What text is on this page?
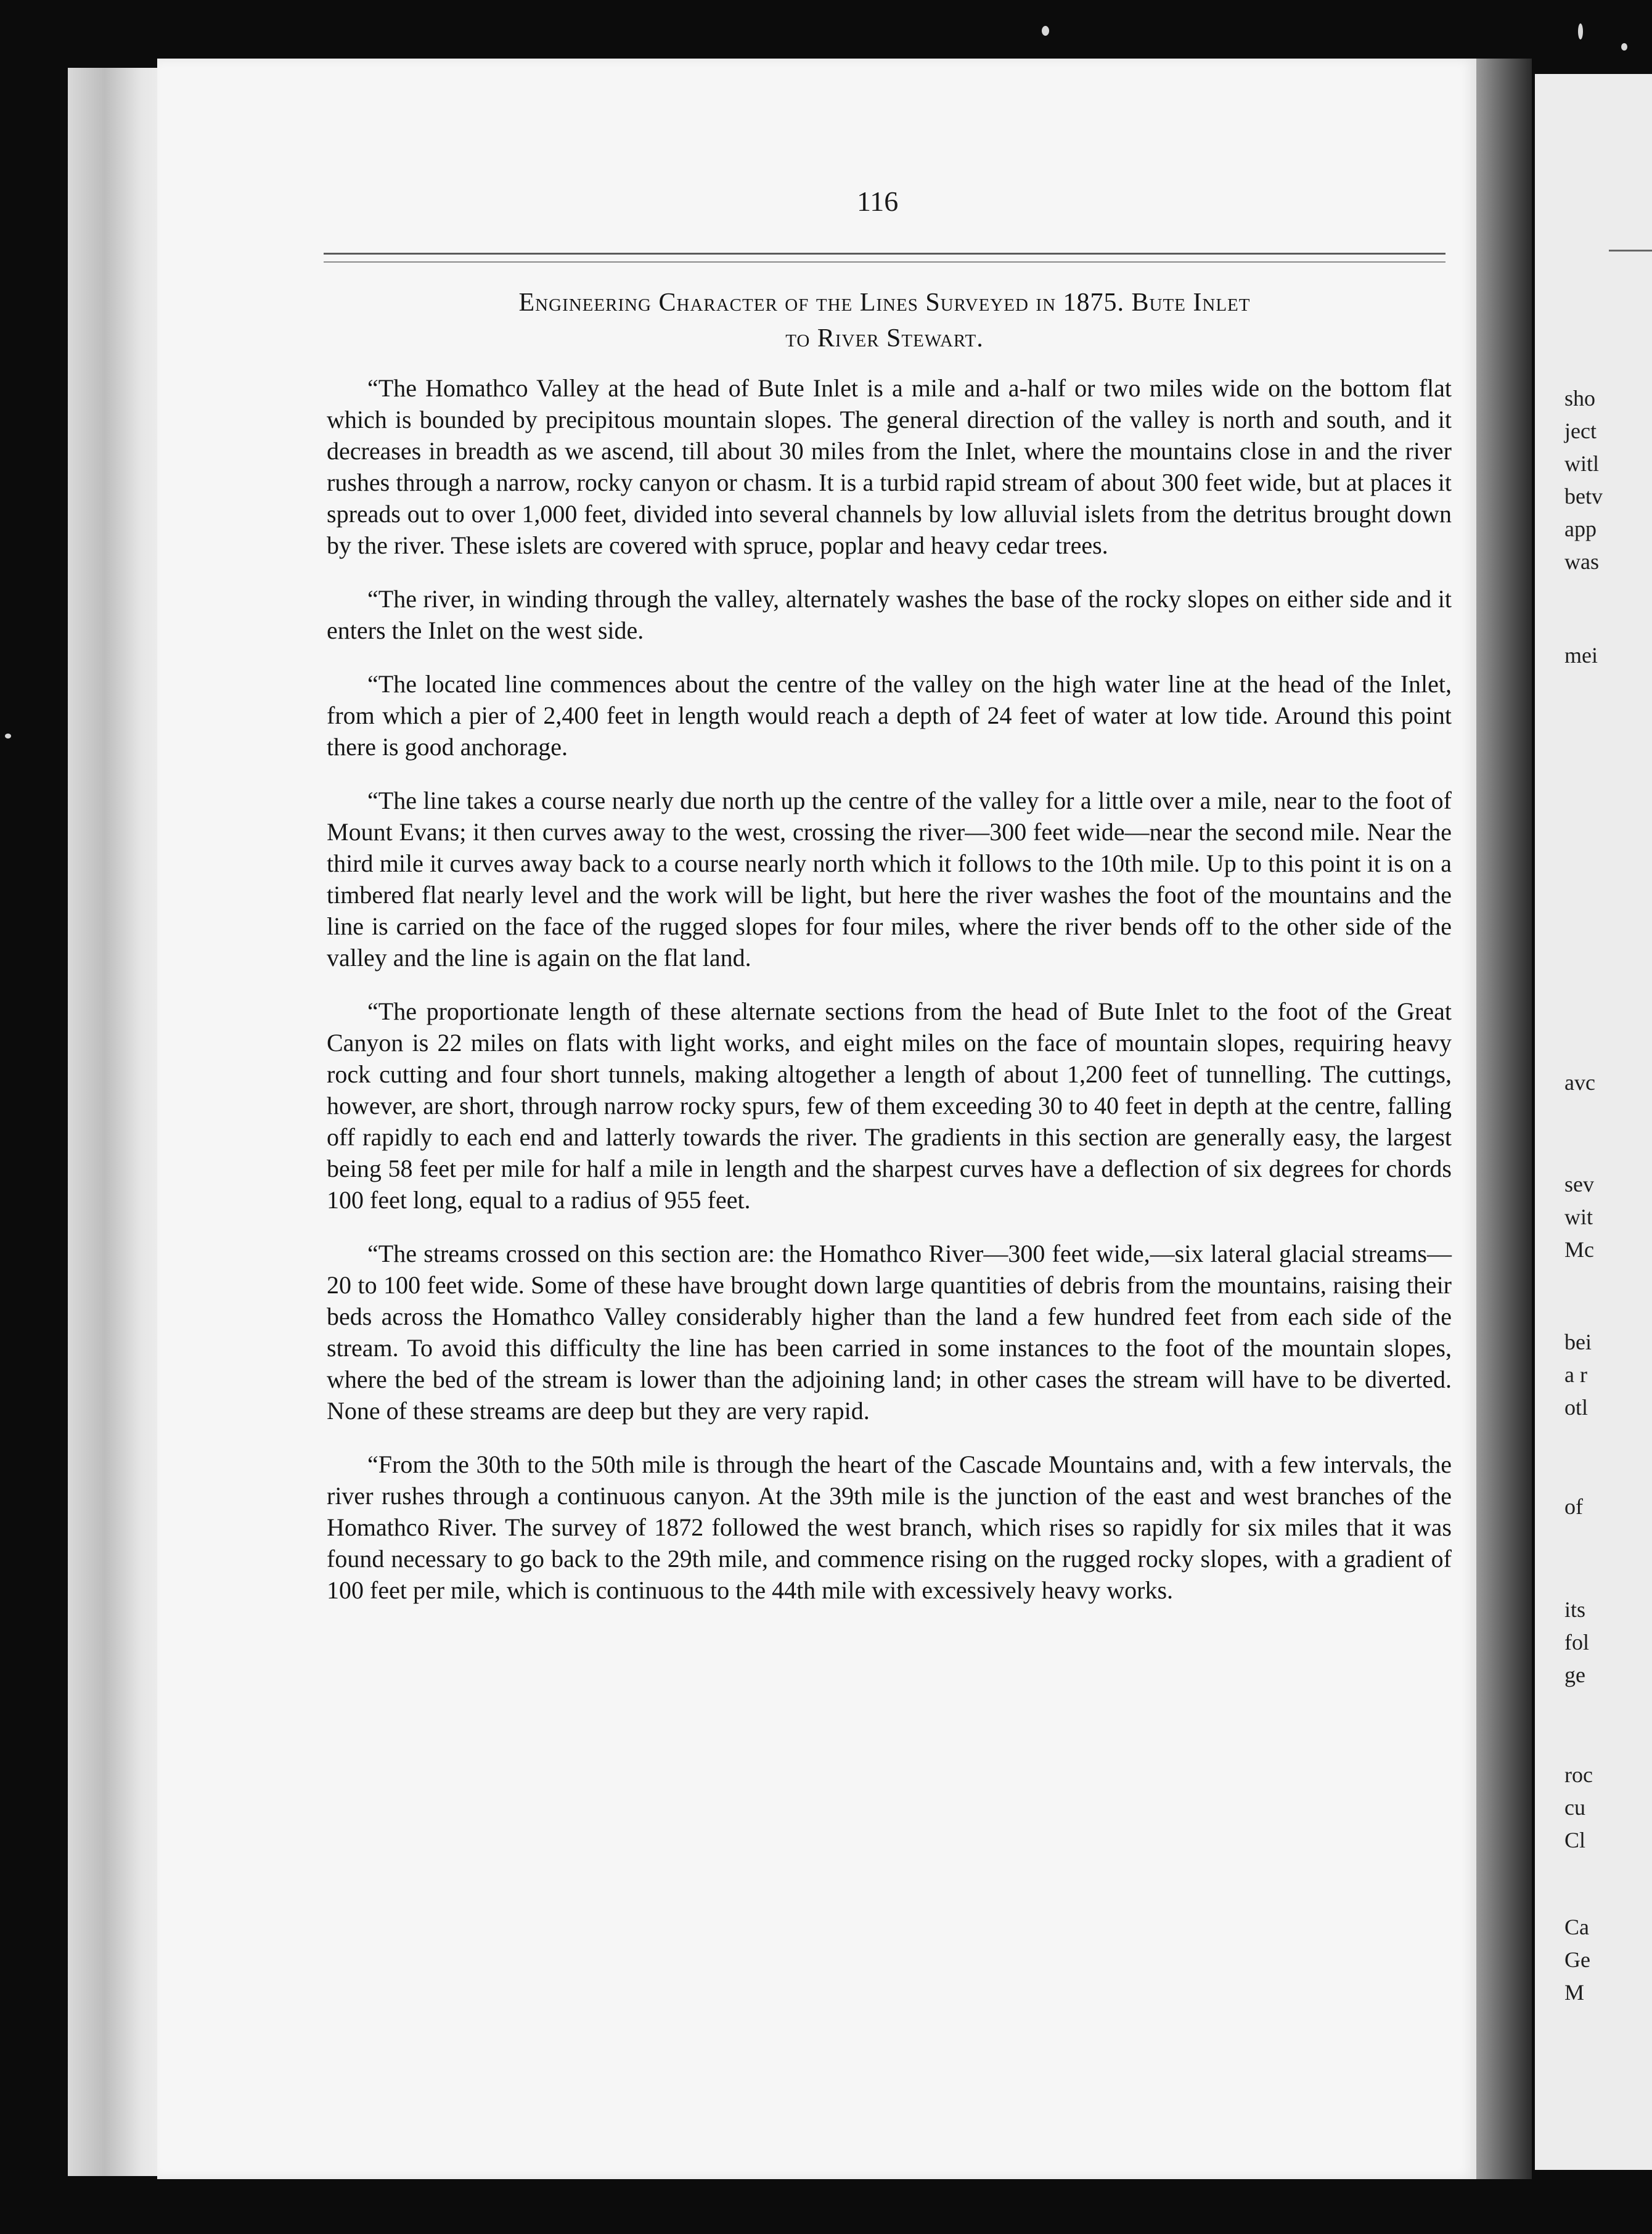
sho
ject
witl
betv
app
was
mei
avc
sev
wit
Mc
bei
a r
otl
of
its
fol
ge
roc
cu
Cl
Ca
Ge
M
116
Engineering Character of the Lines Surveyed in 1875. Bute Inlet
to River Stewart.

“The Homathco Valley at the head of Bute Inlet is a mile and a-half or two miles wide on the bottom flat which is bounded by precipitous mountain slopes. The general direction of the valley is north and south, and it decreases in breadth as we ascend, till about 30 miles from the Inlet, where the mountains close in and the river rushes through a narrow, rocky canyon or chasm. It is a turbid rapid stream of about 300 feet wide, but at places it spreads out to over 1,000 feet, divided into several channels by low alluvial islets from the detritus brought down by the river. These islets are covered with spruce, poplar and heavy cedar trees.

“The river, in winding through the valley, alternately washes the base of the rocky slopes on either side and it enters the Inlet on the west side.

“The located line commences about the centre of the valley on the high water line at the head of the Inlet, from which a pier of 2,400 feet in length would reach a depth of 24 feet of water at low tide. Around this point there is good anchorage.

“The line takes a course nearly due north up the centre of the valley for a little over a mile, near to the foot of Mount Evans; it then curves away to the west, crossing the river—300 feet wide—near the second mile. Near the third mile it curves away back to a course nearly north which it follows to the 10th mile. Up to this point it is on a timbered flat nearly level and the work will be light, but here the river washes the foot of the mountains and the line is carried on the face of the rugged slopes for four miles, where the river bends off to the other side of the valley and the line is again on the flat land.

“The proportionate length of these alternate sections from the head of Bute Inlet to the foot of the Great Canyon is 22 miles on flats with light works, and eight miles on the face of mountain slopes, requiring heavy rock cutting and four short tunnels, making altogether a length of about 1,200 feet of tunnelling. The cuttings, however, are short, through narrow rocky spurs, few of them exceeding 30 to 40 feet in depth at the centre, falling off rapidly to each end and latterly towards the river. The gradients in this section are generally easy, the largest being 58 feet per mile for half a mile in length and the sharpest curves have a deflection of six degrees for chords 100 feet long, equal to a radius of 955 feet.

“The streams crossed on this section are: the Homathco River—300 feet wide,—six lateral glacial streams—20 to 100 feet wide. Some of these have brought down large quantities of debris from the mountains, raising their beds across the Homathco Valley considerably higher than the land a few hundred feet from each side of the stream. To avoid this difficulty the line has been carried in some instances to the foot of the mountain slopes, where the bed of the stream is lower than the adjoining land; in other cases the stream will have to be diverted. None of these streams are deep but they are very rapid.

“From the 30th to the 50th mile is through the heart of the Cascade Mountains and, with a few intervals, the river rushes through a continuous canyon. At the 39th mile is the junction of the east and west branches of the Homathco River. The survey of 1872 followed the west branch, which rises so rapidly for six miles that it was found necessary to go back to the 29th mile, and commence rising on the rugged rocky slopes, with a gradient of 100 feet per mile, which is continuous to the 44th mile with excessively heavy works.
